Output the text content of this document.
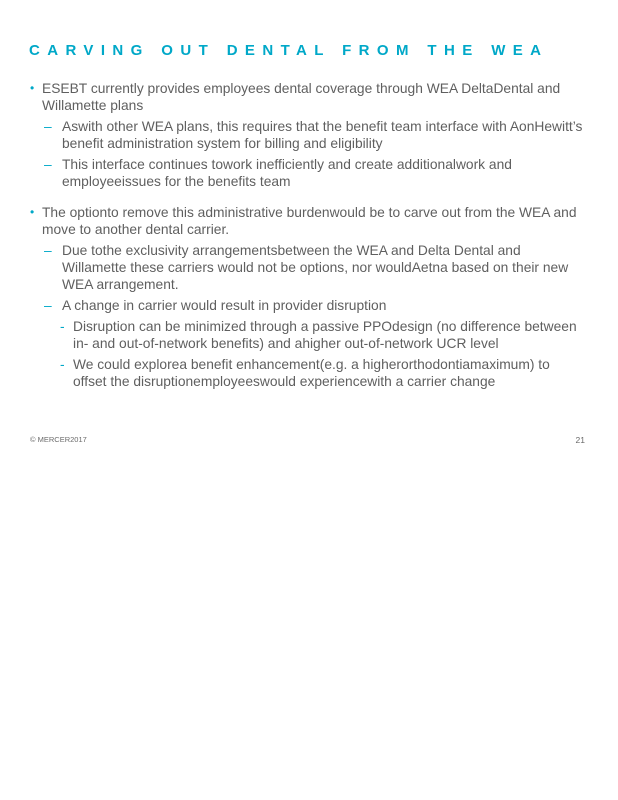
CARVING OUT DENTAL FROM THE WEA
• ESEBT currently provides employees dental coverage through WEA DeltaDental and Willamette plans
– Aswith other WEA plans, this requires that the benefit team interface with AonHewitt’s benefit administration system for billing and eligibility
– This interface continues towork inefficiently and create additionalwork and employeeissues for the benefits team
• The optionto remove this administrative burdenwould be to carve out from the WEA and move to another dental carrier.
– Due tothe exclusivity arrangementsbetween the WEA and Delta Dental and Willamette these carriers would not be options, nor wouldAetna based on their new WEA arrangement.
– A change in carrier would result in provider disruption
- Disruption can be minimized through a passive PPOdesign (no difference between in- and out-of-network benefits) and ahigher out-of-network UCR level
- We could explorea benefit enhancement(e.g. a higherorthodontiamaximum) to offset the disruptionemployeeswould experiencewith a carrier change
© MERCER2017	21
